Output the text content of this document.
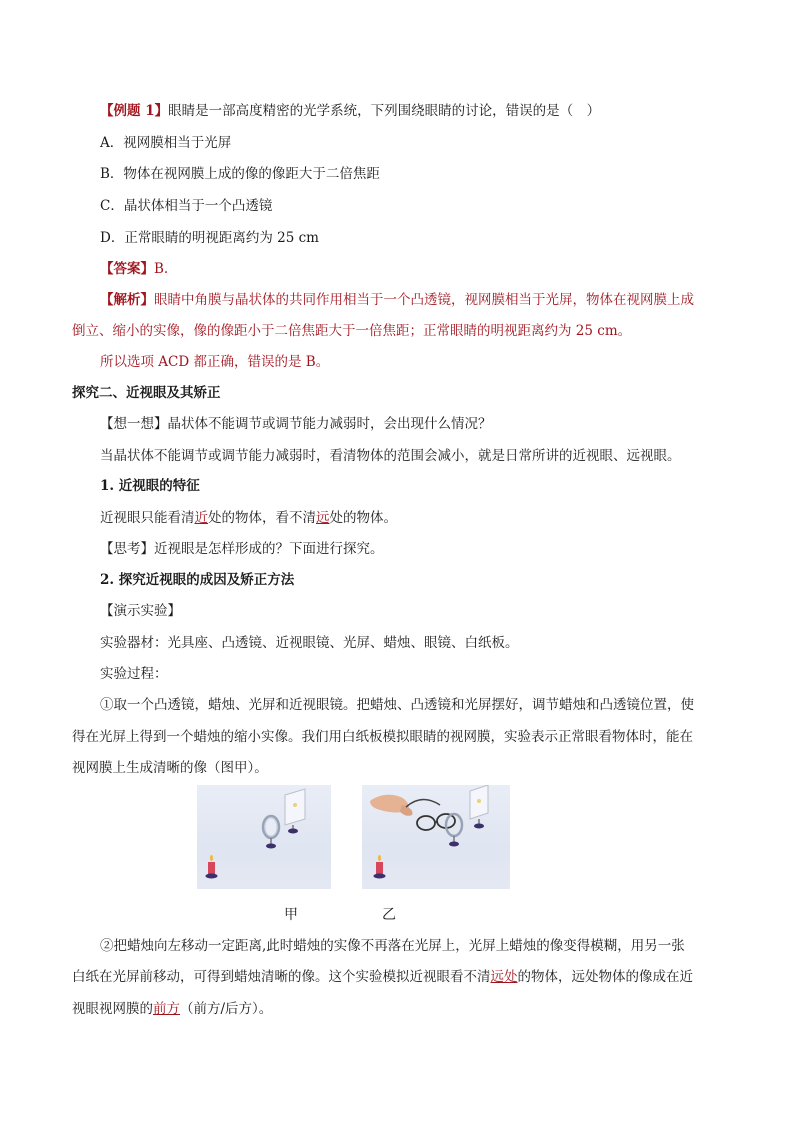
【例题 1】眼睛是一部高度精密的光学系统，下列围绕眼睛的讨论，错误的是（　）
A．视网膜相当于光屏
B．物体在视网膜上成的像的像距大于二倍焦距
C．晶状体相当于一个凸透镜
D．正常眼睛的明视距离约为 25 cm
【答案】B.
【解析】眼睛中角膜与晶状体的共同作用相当于一个凸透镜，视网膜相当于光屏，物体在视网膜上成
倒立、缩小的实像，像的像距小于二倍焦距大于一倍焦距；正常眼睛的明视距离约为 25 cm。
所以选项 ACD 都正确，错误的是 B。
探究二、近视眼及其矫正
【想一想】晶状体不能调节或调节能力减弱时，会出现什么情况？
当晶状体不能调节或调节能力减弱时，看清物体的范围会减小，就是日常所讲的近视眼、远视眼。
1. 近视眼的特征
近视眼只能看清近处的物体，看不清远处的物体。
【思考】近视眼是怎样形成的？下面进行探究。
2. 探究近视眼的成因及矫正方法
【演示实验】
实验器材：光具座、凸透镜、近视眼镜、光屏、蜡烛、眼镜、白纸板。
实验过程：
①取一个凸透镜，蜡烛、光屏和近视眼镜。把蜡烛、凸透镜和光屏摆好，调节蜡烛和凸透镜位置，使
得在光屏上得到一个蜡烛的缩小实像。我们用白纸板模拟眼睛的视网膜，实验表示正常眼看物体时，能在
视网膜上生成清晰的像（图甲）。
甲	乙
②把蜡烛向左移动一定距离,此时蜡烛的实像不再落在光屏上，光屏上蜡烛的像变得模糊，用另一张
白纸在光屏前移动，可得到蜡烛清晰的像。这个实验模拟近视眼看不清远处的物体，远处物体的像成在近
视眼视网膜的前方（前方/后方）。
